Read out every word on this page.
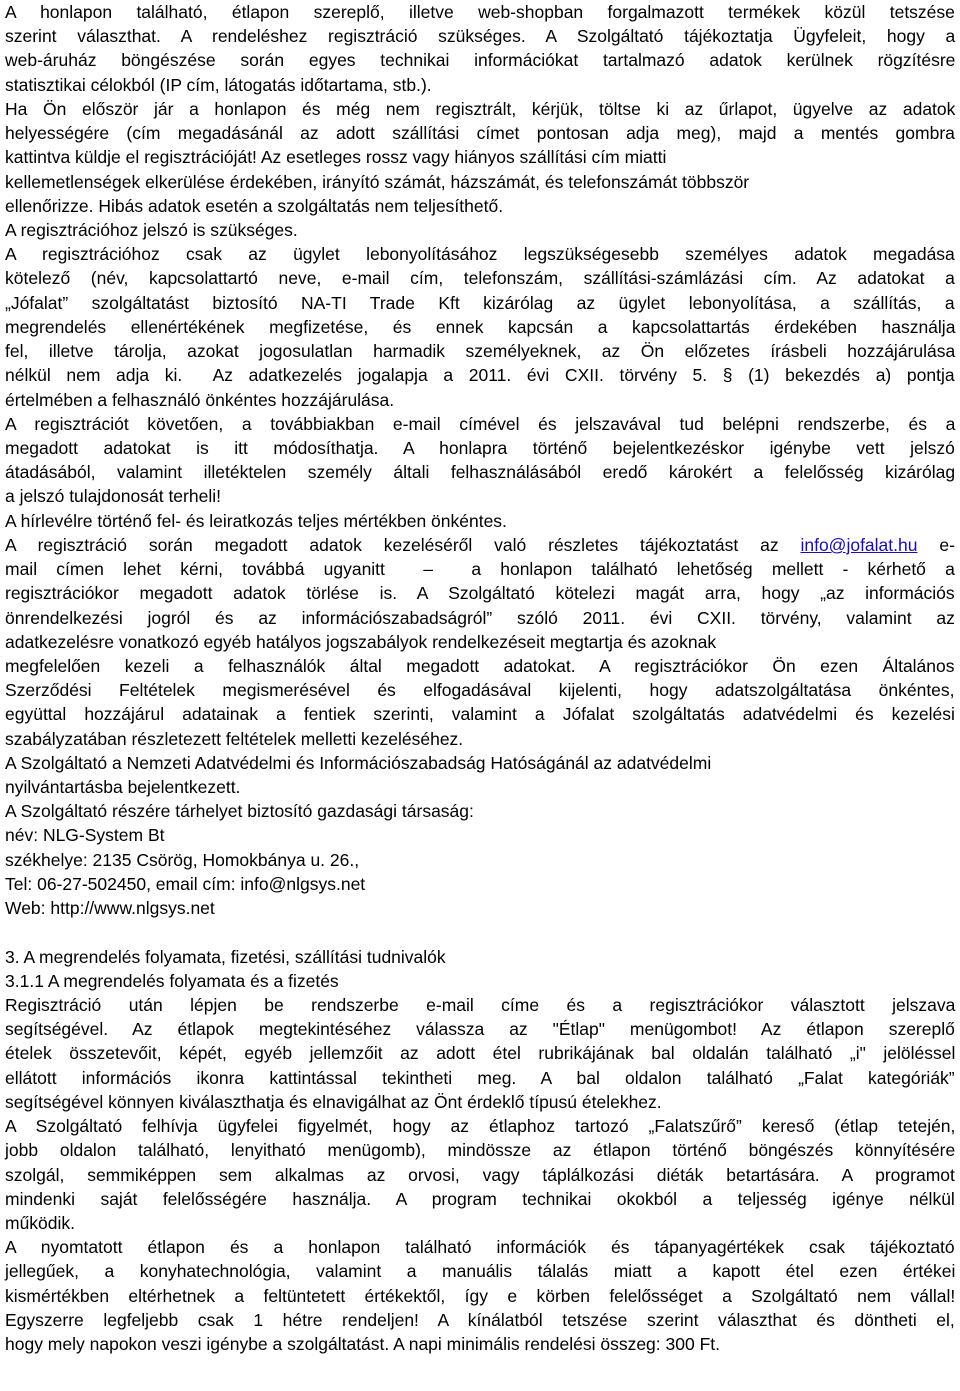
A honlapon található, étlapon szereplő, illetve web-shopban forgalmazott termékek közül tetszése
szerint választhat. A rendeléshez regisztráció szükséges. A Szolgáltató tájékoztatja Ügyfeleit, hogy a
web-áruház böngészése során egyes technikai információkat tartalmazó adatok kerülnek rögzítésre
statisztikai célokból (IP cím, látogatás időtartama, stb.).
Ha Ön először jár a honlapon és még nem regisztrált, kérjük, töltse ki az űrlapot, ügyelve az adatok
helyességére (cím megadásánál az adott szállítási címet pontosan adja meg), majd a mentés gombra
kattintva küldje el regisztrációját! Az esetleges rossz vagy hiányos szállítási cím miatti
kellemetlenségek elkerülése érdekében, irányító számát, házszámát, és telefonszámát többször
ellenőrizze. Hibás adatok esetén a szolgáltatás nem teljesíthető.
A regisztrációhoz jelszó is szükséges.
A regisztrációhoz csak az ügylet lebonyolításához legszükségesebb személyes adatok megadása
kötelező (név, kapcsolattartó neve, e-mail cím, telefonszám, szállítási-számlázási cím. Az adatokat a
„Jófalat” szolgáltatást biztosító NA-TI Trade Kft kizárólag az ügylet lebonyolítása, a szállítás, a
megrendelés ellenértékének megfizetése, és ennek kapcsán a kapcsolattartás érdekében használja
fel, illetve tárolja, azokat jogosulatlan harmadik személyeknek, az Ön előzetes írásbeli hozzájárulása
nélkül nem adja ki.  Az adatkezelés jogalapja a 2011. évi CXII. törvény 5. § (1) bekezdés a) pontja
értelmében a felhasználó önkéntes hozzájárulása.
A regisztrációt követően, a továbbiakban e-mail címével és jelszavával tud belépni rendszerbe, és a
megadott adatokat is itt módosíthatja. A honlapra történő bejelentkezéskor igénybe vett jelszó
átadásából, valamint illetéktelen személy általi felhasználásából eredő károkért a felelősség kizárólag
a jelszó tulajdonosát terheli!
A hírlevélre történő fel- és leiratkozás teljes mértékben önkéntes.
A regisztráció során megadott adatok kezeléséről való részletes tájékoztatást az info@jofalat.hu e-
mail címen lehet kérni, továbbá ugyanitt  –  a honlapon található lehetőség mellett - kérhető a
regisztrációkor megadott adatok törlése is. A Szolgáltató kötelezi magát arra, hogy „az információs
önrendelkezési jogról és az információszabadságról” szóló 2011. évi CXII. törvény, valamint az
adatkezelésre vonatkozó egyéb hatályos jogszabályok rendelkezéseit megtartja és azoknak
megfelelően kezeli a felhasználók által megadott adatokat. A regisztrációkor Ön ezen Általános
Szerződési Feltételek megismerésével és elfogadásával kijelenti, hogy adatszolgáltatása önkéntes,
együttal hozzájárul adatainak a fentiek szerinti, valamint a Jófalat szolgáltatás adatvédelmi és kezelési
szabályzatában részletezett feltételek melletti kezeléséhez.
A Szolgáltató a Nemzeti Adatvédelmi és Információszabadság Hatóságánál az adatvédelmi
nyilvántartásba bejelentkezett.
A Szolgáltató részére tárhelyet biztosító gazdasági társaság:
név: NLG-System Bt
székhelye: 2135 Csörög, Homokbánya u. 26.,
Tel: 06-27-502450, email cím: info@nlgsys.net
Web: http://www.nlgsys.net
3. A megrendelés folyamata, fizetési, szállítási tudnivalók
3.1.1 A megrendelés folyamata és a fizetés
Regisztráció után lépjen be rendszerbe e-mail címe és a regisztrációkor választott jelszava
segítségével. Az étlapok megtekintéséhez válassza az "Étlap" menügombot! Az étlapon szereplő
ételek összetevőit, képét, egyéb jellemzőit az adott étel rubrikájának bal oldalán található „i" jelöléssel
ellátott információs ikonra kattintással tekintheti meg. A bal oldalon található „Falat kategóriák”
segítségével könnyen kiválaszthatja és elnavigálhat az Önt érdeklő típusú ételekhez.
A Szolgáltató felhívja ügyfelei figyelmét, hogy az étlaphoz tartozó „Falatszűrő” kereső (étlap tetején,
jobb oldalon található, lenyitható menügomb), mindössze az étlapon történő böngészés könnyítésére
szolgál, semmiképpen sem alkalmas az orvosi, vagy táplálkozási diéták betartására. A programot
mindenki saját felelősségére használja. A program technikai okokból a teljesség igénye nélkül
működik.
A nyomtatott étlapon és a honlapon található információk és tápanyagértékek csak tájékoztató
jellegűek, a konyhatechnológia, valamint a manuális tálalás miatt a kapott étel ezen értékei
kismértékben eltérhetnek a feltüntetett értékektől, így e körben felelősséget a Szolgáltató nem vállal!
Egyszerre legfeljebb csak 1 hétre rendeljen! A kínálatból tetszése szerint választhat és döntheti el,
hogy mely napokon veszi igénybe a szolgáltatást. A napi minimális rendelési összeg: 300 Ft.
